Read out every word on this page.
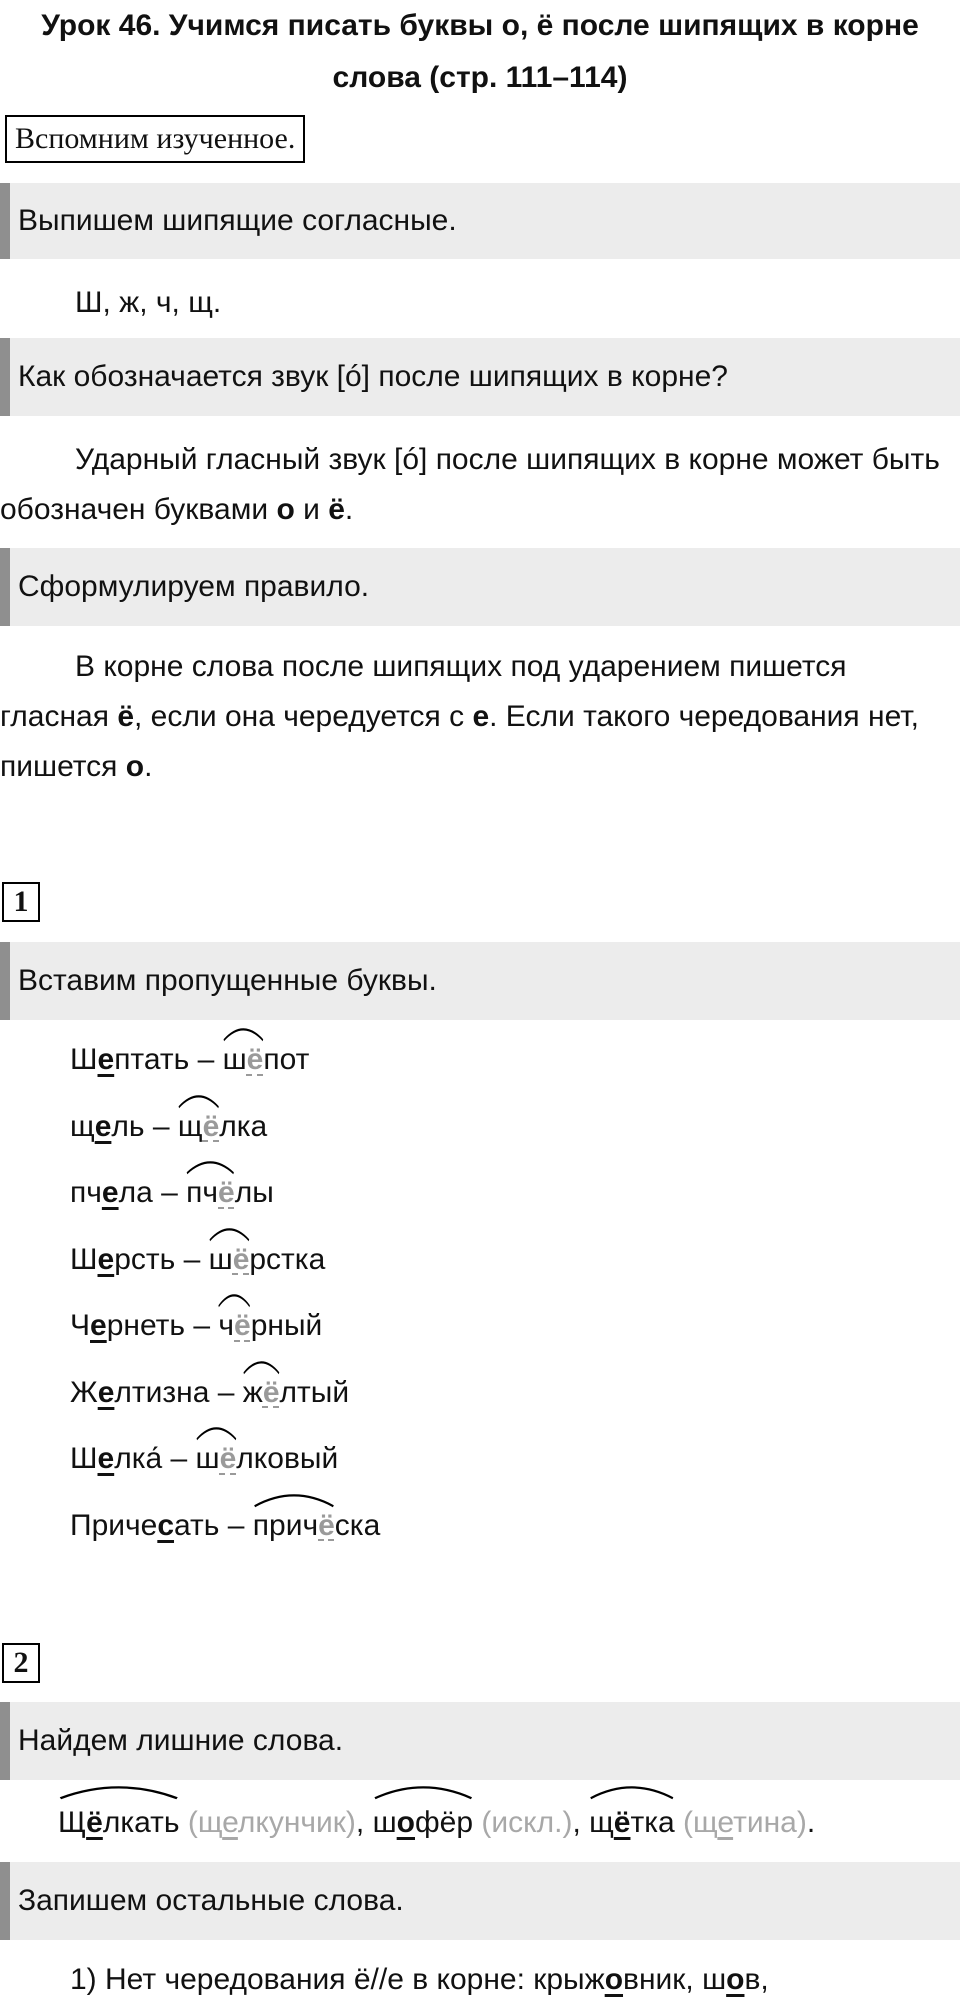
Урок 46. Учимся писать буквы о, ё после шипящих в корне
слова (стр. 111–114)
Вспомним изученное.
Выпишем шипящие согласные.
Ш, ж, ч, щ.
Как обозначается звук [ó] после шипящих в корне?

Ударный гласный звук [ó] после шипящих в корне может быть обозначен буквами о и ё.

Сформулируем правило.

В корне слова после шипящих под ударением пишется гласная ё, если она чередуется с е. Если такого чередования нет, пишется о.

1
Вставим пропущенные буквы.
Шептать –
шёпот
щель –
щёлка
пчела –
пчёлы
Шерсть –
шёрстка
Чернеть –
чёрный
Желтизна –
жёлтый
Шелка́ –
шёлковый
Причесать –
причёска
2
Найдем лишние слова.
Щёлкать (щелкунчик),
шофёр (искл.),
щётка (щетина).
Запишем остальные слова.
1) Нет чередования ё//е в корне: крыжовник, шов,
